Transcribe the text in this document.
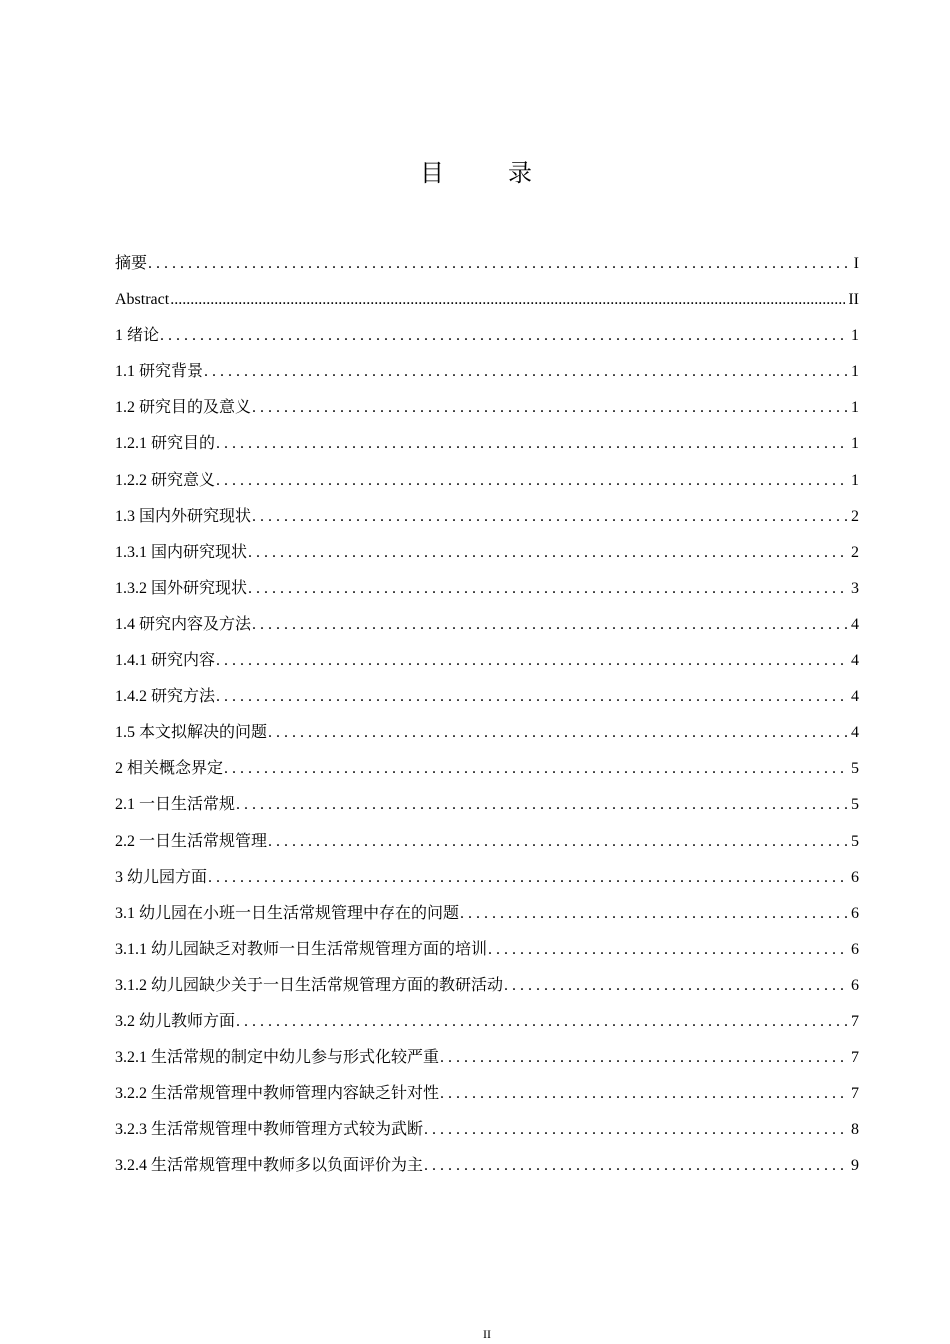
目　录
摘要 . . .	I
Abstract .....	II
1 绪论 . . .	1
1.1 研究背景 . . .	1
1.2 研究目的及意义 . . .	1
1.2.1 研究目的 . . .	1
1.2.2 研究意义 . . .	1
1.3 国内外研究现状 . . .	2
1.3.1 国内研究现状 . . .	2
1.3.2 国外研究现状 . . .	3
1.4 研究内容及方法 . . .	4
1.4.1 研究内容 . . .	4
1.4.2 研究方法 . . .	4
1.5 本文拟解决的问题 . . .	4
2 相关概念界定 . . .	5
2.1 一日生活常规 . . .	5
2.2 一日生活常规管理 . . .	5
3 幼儿园方面 . . .	6
3.1 幼儿园在小班一日生活常规管理中存在的问题 . . .	6
3.1.1 幼儿园缺乏对教师一日生活常规管理方面的培训 . . .	6
3.1.2 幼儿园缺少关于一日生活常规管理方面的教研活动 . . .	6
3.2 幼儿教师方面 . . .	7
3.2.1 生活常规的制定中幼儿参与形式化较严重 . . .	7
3.2.2 生活常规管理中教师管理内容缺乏针对性 . . .	7
3.2.3 生活常规管理中教师管理方式较为武断 . . .	8
3.2.4 生活常规管理中教师多以负面评价为主 . . .	9
II
